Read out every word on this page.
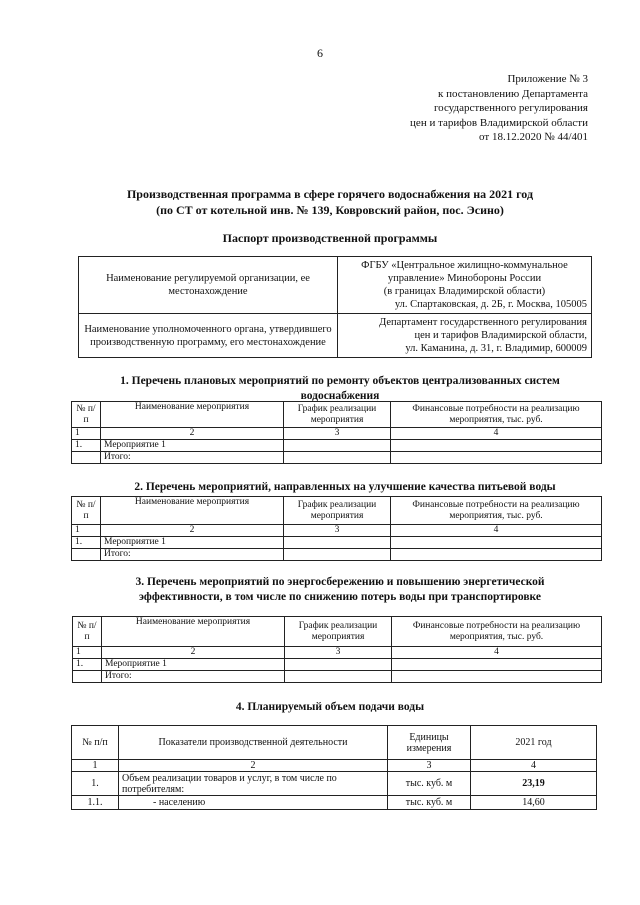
6
Приложение № 3
к постановлению Департамента
государственного регулирования
цен и тарифов Владимирской области
от 18.12.2020 № 44/401
Производственная программа в сфере горячего водоснабжения на 2021 год
(по СТ от котельной инв. № 139, Ковровский район, пос. Эсино)
Паспорт производственной программы
Наименование регулируемой организации, ее местонахождение	ФГБУ «Центральное жилищно-коммунальное
управление» Минобороны России
(в границах Владимирской области)
ул. Спартаковская, д. 2Б, г. Москва, 105005

Наименование уполномоченного органа, утвердившего производственную программу, его местонахождение	Департамент государственного регулирования
цен и тарифов Владимирской области,
ул. Каманина, д. 31, г. Владимир, 600009
1. Перечень плановых мероприятий по ремонту объектов централизованных систем
водоснабжения
№ п/п	Наименование мероприятия	График реализации мероприятия	Финансовые потребности на реализацию мероприятия, тыс. руб.
1	2	3	4
1.	Мероприятие 1		
	Итого:		
2. Перечень мероприятий, направленных на улучшение качества питьевой воды
№ п/п	Наименование мероприятия	График реализации мероприятия	Финансовые потребности на реализацию мероприятия, тыс. руб.
1	2	3	4
1.	Мероприятие 1		
	Итого:		
3. Перечень мероприятий по энергосбережению и повышению энергетической
эффективности, в том числе по снижению потерь воды при транспортировке
№ п/п	Наименование мероприятия	График реализации мероприятия	Финансовые потребности на реализацию мероприятия, тыс. руб.
1	2	3	4
1.	Мероприятие 1		
	Итого:		
4. Планируемый объем подачи воды
№ п/п	Показатели производственной деятельности	Единицы измерения	2021 год
1	2	3	4
1.	Объем реализации товаров и услуг, в том числе по потребителям:	тыс. куб. м	23,19
1.1.	- населению	тыс. куб. м	14,60
